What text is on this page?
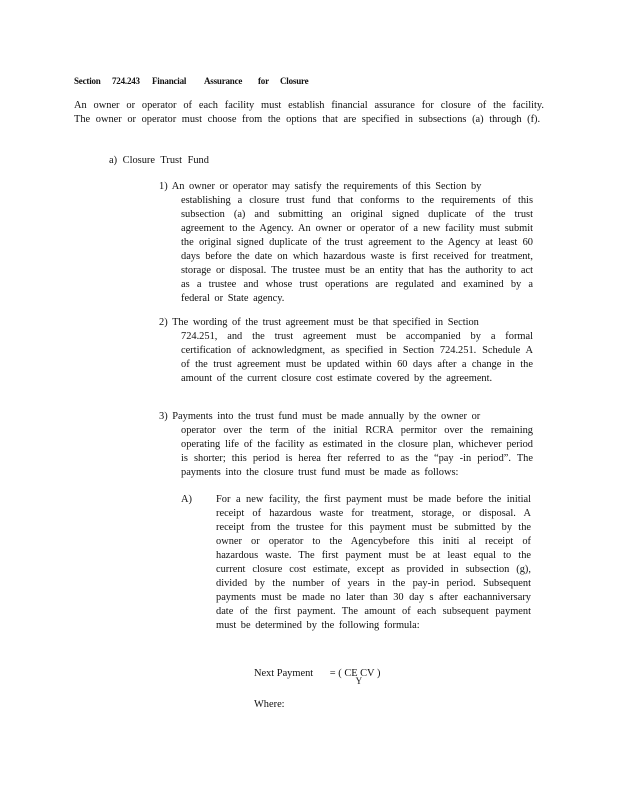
Section	724.243	Financial	Assurance	for	Closure
An owner or operator of each facility must establish financial assurance for closure of the facility. The owner or operator must choose from the options that are specified in subsections (a) through (f).
a) Closure Trust Fund
1) An owner or operator may satisfy the requirements of this Section by
establishing a closure trust fund that conforms to the requirements of this subsection (a) and submitting an original signed duplicate of the trust agreement to the Agency. An owner or operator of a new facility must submit the original signed duplicate of the trust agreement to the Agency at least 60 days before the date on which hazardous waste is first received for treatment, storage or disposal. The trustee must be an entity that has the authority to act as a trustee and whose trust operations are regulated and examined by a federal or State agency.
2) The wording of the trust agreement must be that specified in Section
724.251, and the trust agreement must be accompanied by a formal certification of acknowledgment, as specified in Section 724.251. Schedule A of the trust agreement must be updated within 60 days after a change in the amount of the current closure cost estimate covered by the agreement.
3) Payments into the trust fund must be made annually by the owner or
operator over the term of the initial RCRA permitor over the remaining operating life of the facility as estimated in the closure plan, whichever period is shorter; this period is herea fter referred to as the “pay -in period”. The payments into the closure trust fund must be made as follows:
A)	For a new facility, the first payment must be made before the initial receipt of hazardous waste for treatment, storage, or disposal. A receipt from the trustee for this payment must be submitted by the owner or operator to the Agencybefore this initi al receipt of hazardous waste. The first payment must be at least equal to the current closure cost estimate, except as provided in subsection (g), divided by the number of years in the pay-in period. Subsequent payments must be made no later than 30 day s after eachanniversary date of the first payment. The amount of each subsequent payment must be determined by the following formula:
Next Payment = ( CEYCV )
Where:
